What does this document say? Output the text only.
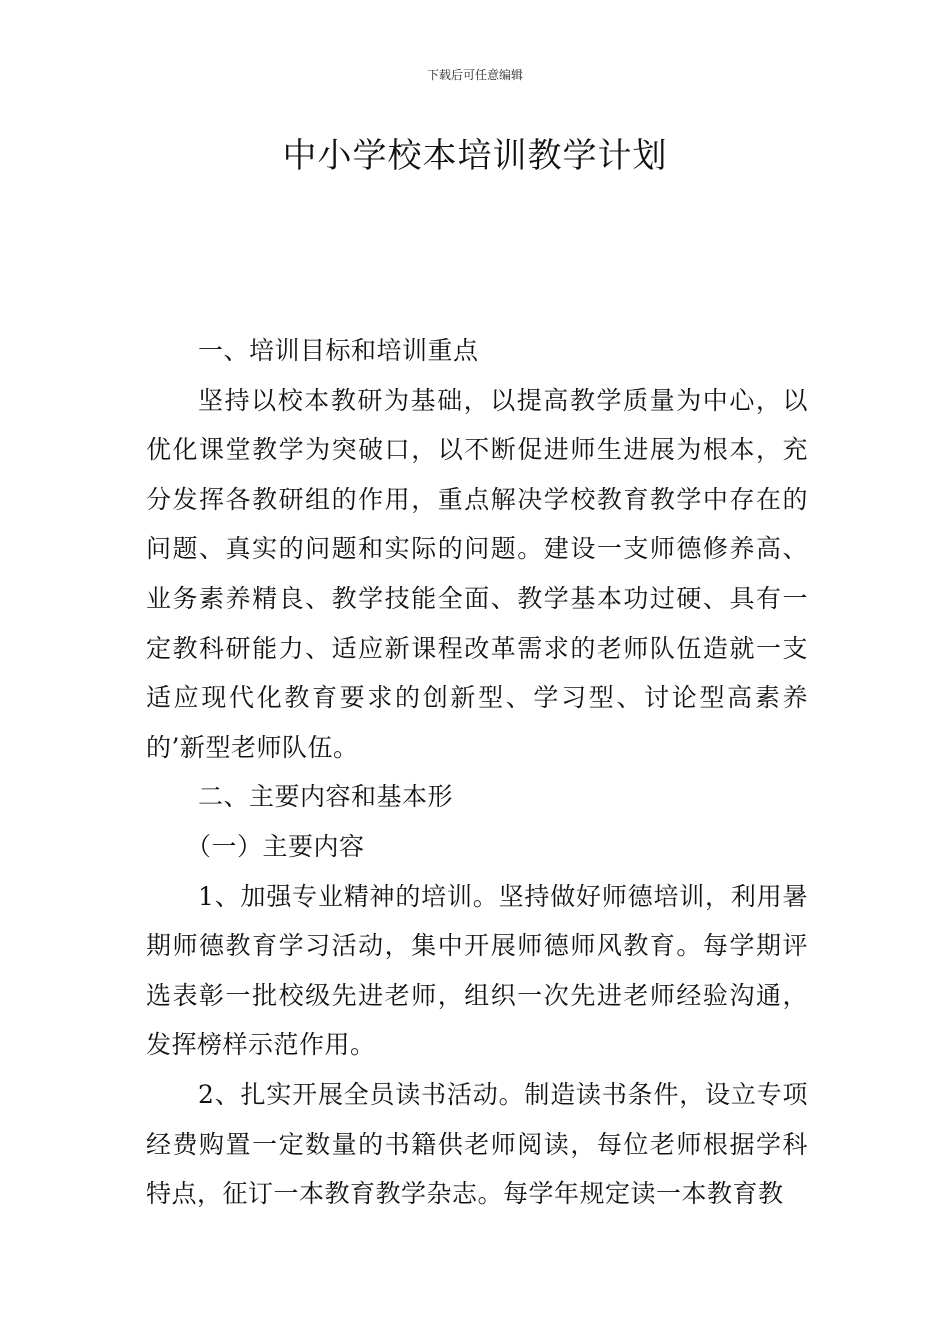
下载后可任意编辑
中小学校本培训教学计划

一、培训目标和培训重点

坚持以校本教研为基础，以提高教学质量为中心，以优化课堂教学为突破口，以不断促进师生进展为根本，充分发挥各教研组的作用，重点解决学校教育教学中存在的问题、真实的问题和实际的问题。建设一支师德修养高、业务素养精良、教学技能全面、教学基本功过硬、具有一定教科研能力、适应新课程改革需求的老师队伍造就一支适应现代化教育要求的创新型、学习型、讨论型高素养的’新型老师队伍。

二、主要内容和基本形

（一）主要内容

1、加强专业精神的培训。坚持做好师德培训，利用暑期师德教育学习活动，集中开展师德师风教育。每学期评选表彰一批校级先进老师，组织一次先进老师经验沟通，发挥榜样示范作用。

2、扎实开展全员读书活动。制造读书条件，设立专项经费购置一定数量的书籍供老师阅读，每位老师根据学科特点，征订一本教育教学杂志。每学年规定读一本教育教
